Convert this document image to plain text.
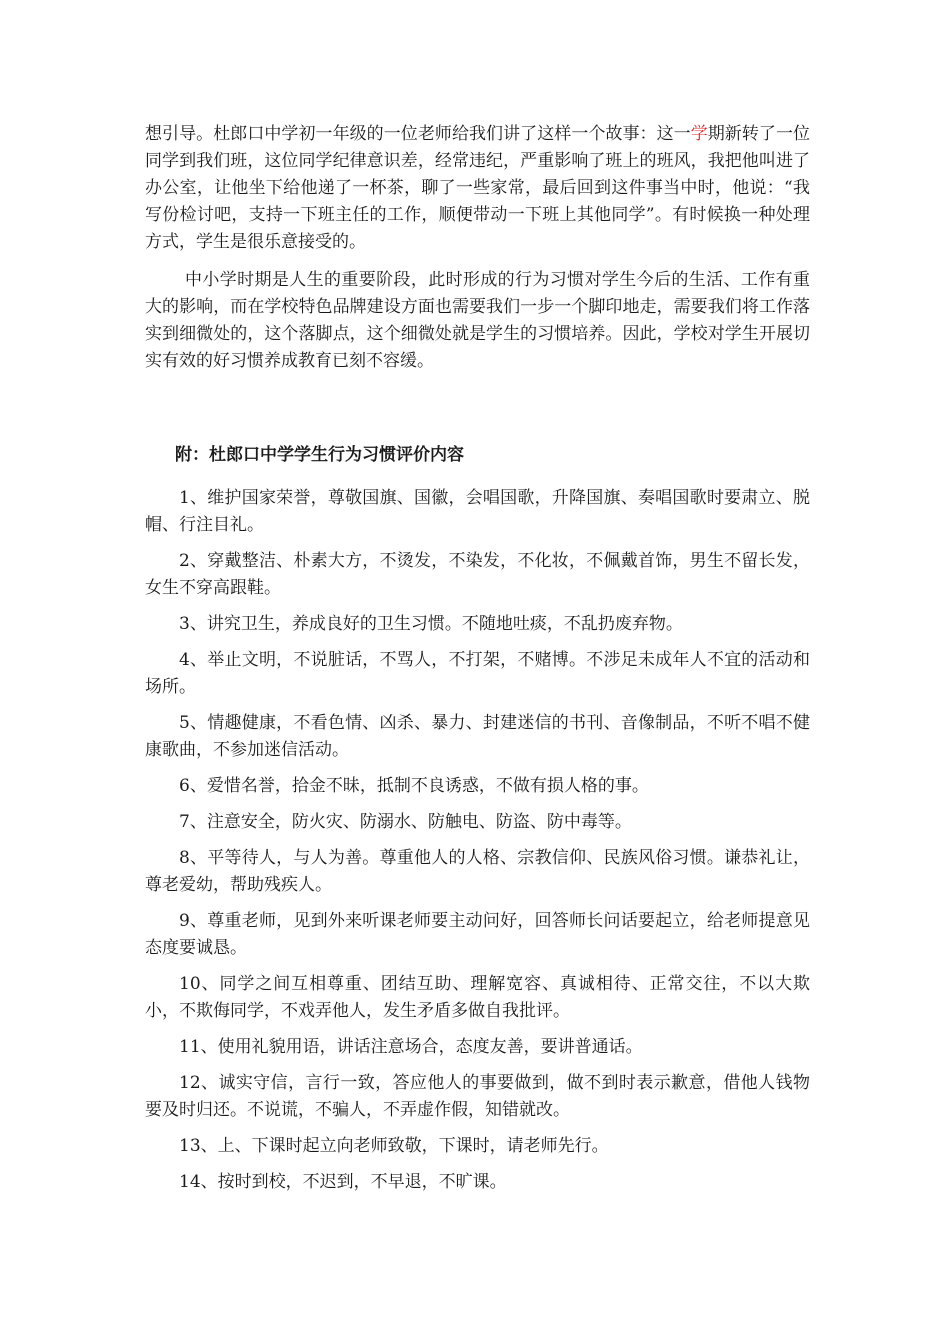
想引导。杜郎口中学初一年级的一位老师给我们讲了这样一个故事：这一学期新转了一位同学到我们班，这位同学纪律意识差，经常违纪，严重影响了班上的班风，我把他叫进了办公室，让他坐下给他递了一杯茶，聊了一些家常，最后回到这件事当中时，他说：“我写份检讨吧，支持一下班主任的工作，顺便带动一下班上其他同学”。有时候换一种处理方式，学生是很乐意接受的。

中小学时期是人生的重要阶段，此时形成的行为习惯对学生今后的生活、工作有重大的影响，而在学校特色品牌建设方面也需要我们一步一个脚印地走，需要我们将工作落实到细微处的，这个落脚点，这个细微处就是学生的习惯培养。因此，学校对学生开展切实有效的好习惯养成教育已刻不容缓。

附：杜郎口中学学生行为习惯评价内容

1、维护国家荣誉，尊敬国旗、国徽，会唱国歌，升降国旗、奏唱国歌时要肃立、脱帽、行注目礼。

2、穿戴整洁、朴素大方，不烫发，不染发，不化妆，不佩戴首饰，男生不留长发，女生不穿高跟鞋。

3、讲究卫生，养成良好的卫生习惯。不随地吐痰，不乱扔废弃物。

4、举止文明，不说脏话，不骂人，不打架，不赌博。不涉足未成年人不宜的活动和场所。

5、情趣健康，不看色情、凶杀、暴力、封建迷信的书刊、音像制品，不听不唱不健康歌曲，不参加迷信活动。

6、爱惜名誉，拾金不昧，抵制不良诱惑，不做有损人格的事。

7、注意安全，防火灾、防溺水、防触电、防盗、防中毒等。

8、平等待人，与人为善。尊重他人的人格、宗教信仰、民族风俗习惯。谦恭礼让，尊老爱幼，帮助残疾人。

9、尊重老师，见到外来听课老师要主动问好，回答师长问话要起立，给老师提意见态度要诚恳。

10、同学之间互相尊重、团结互助、理解宽容、真诚相待、正常交往，不以大欺小，不欺侮同学，不戏弄他人，发生矛盾多做自我批评。

11、使用礼貌用语，讲话注意场合，态度友善，要讲普通话。

12、诚实守信，言行一致，答应他人的事要做到，做不到时表示歉意，借他人钱物要及时归还。不说谎，不骗人，不弄虚作假，知错就改。

13、上、下课时起立向老师致敬，下课时，请老师先行。

14、按时到校，不迟到，不早退，不旷课。
